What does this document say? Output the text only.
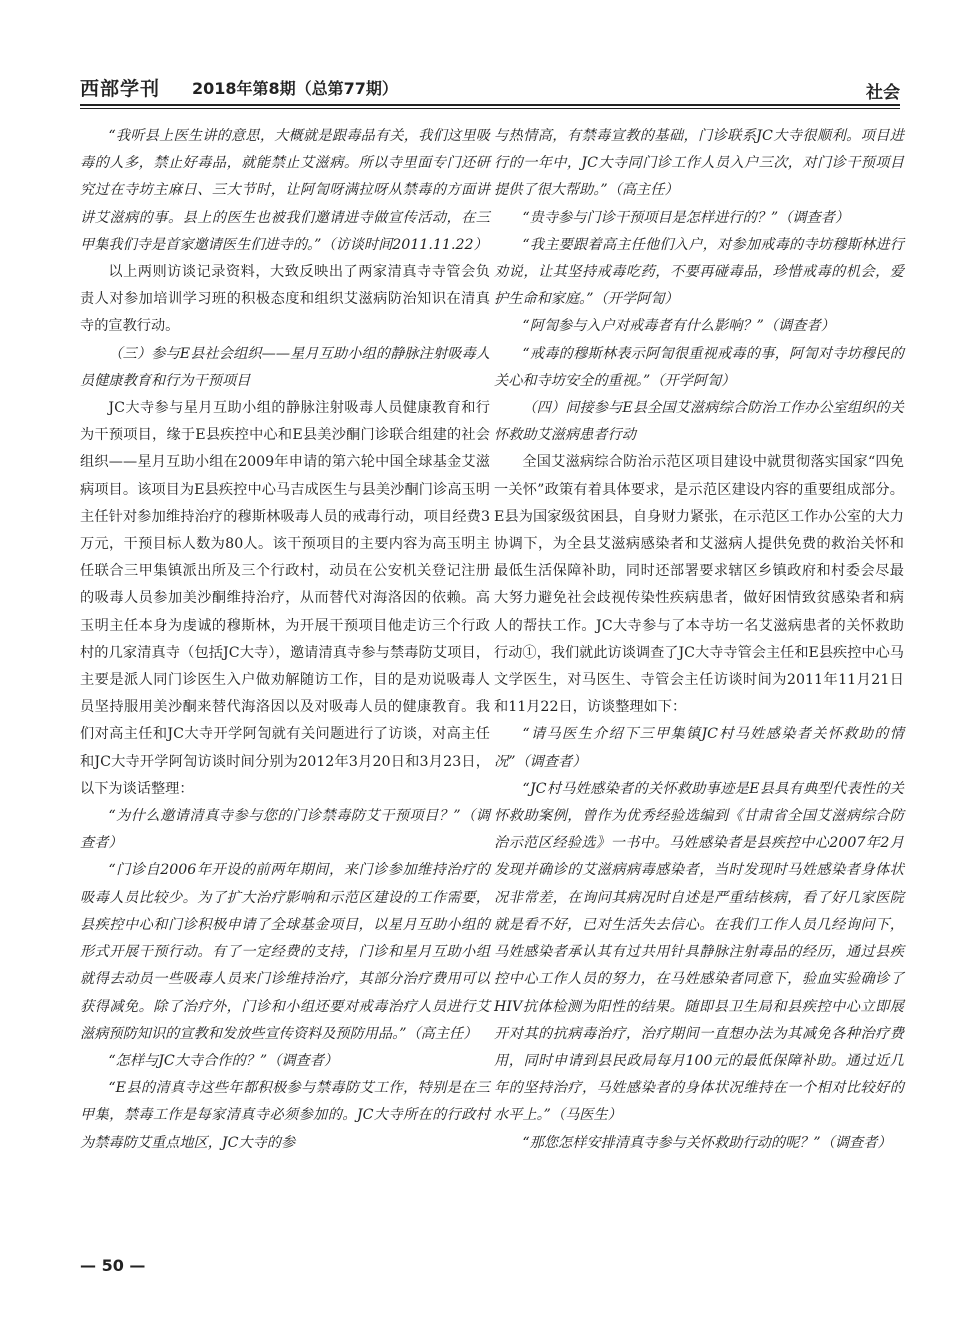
西部学刊 2018年第8期（总第77期）	社会

“我听县上医生讲的意思，大概就是跟毒品有关，我们这里吸毒的人多，禁止好毒品，就能禁止艾滋病。所以寺里面专门还研究过在寺坊主麻日、三大节时，让阿訇呀满拉呀从禁毒的方面讲讲艾滋病的事。县上的医生也被我们邀请进寺做宣传活动，在三甲集我们寺是首家邀请医生们进寺的。”（访谈时间2011.11.22）

以上两则访谈记录资料，大致反映出了两家清真寺寺管会负责人对参加培训学习班的积极态度和组织艾滋病防治知识在清真寺的宣教行动。

（三）参与E县社会组织——星月互助小组的静脉注射吸毒人员健康教育和行为干预项目

JC大寺参与星月互助小组的静脉注射吸毒人员健康教育和行为干预项目，缘于E县疾控中心和E县美沙酮门诊联合组建的社会组织——星月互助小组在2009年申请的第六轮中国全球基金艾滋病项目。该项目为E县疾控中心马吉成医生与县美沙酮门诊高玉明主任针对参加维持治疗的穆斯林吸毒人员的戒毒行动，项目经费3万元，干预目标人数为80人。该干预项目的主要内容为高玉明主任联合三甲集镇派出所及三个行政村，动员在公安机关登记注册的吸毒人员参加美沙酮维持治疗，从而替代对海洛因的依赖。高玉明主任本身为虔诚的穆斯林，为开展干预项目他走访三个行政村的几家清真寺（包括JC大寺），邀请清真寺参与禁毒防艾项目，主要是派人同门诊医生入户做劝解随访工作，目的是劝说吸毒人员坚持服用美沙酮来替代海洛因以及对吸毒人员的健康教育。我们对高主任和JC大寺开学阿訇就有关问题进行了访谈，对高主任和JC大寺开学阿訇访谈时间分别为2012年3月20日和3月23日，以下为谈话整理：

“为什么邀请清真寺参与您的门诊禁毒防艾干预项目？”（调查者）

“门诊自2006年开设的前两年期间，来门诊参加维持治疗的吸毒人员比较少。为了扩大治疗影响和示范区建设的工作需要，县疾控中心和门诊积极申请了全球基金项目，以星月互助小组的形式开展干预行动。有了一定经费的支持，门诊和星月互助小组就得去动员一些吸毒人员来门诊维持治疗，其部分治疗费用可以获得减免。除了治疗外，门诊和小组还要对戒毒治疗人员进行艾滋病预防知识的宣教和发放些宣传资料及预防用品。”（高主任）

“怎样与JC大寺合作的？”（调查者）

“E县的清真寺这些年都积极参与禁毒防艾工作，特别是在三甲集，禁毒工作是每家清真寺必须参加的。JC大寺所在的行政村为禁毒防艾重点地区，JC大寺的参

与热情高，有禁毒宣教的基础，门诊联系JC大寺很顺利。项目进行的一年中，JC大寺同门诊工作人员入户三次，对门诊干预项目提供了很大帮助。”（高主任）

“贵寺参与门诊干预项目是怎样进行的？”（调查者）

“我主要跟着高主任他们入户，对参加戒毒的寺坊穆斯林进行劝说，让其坚持戒毒吃药，不要再碰毒品，珍惜戒毒的机会，爱护生命和家庭。”（开学阿訇）

“阿訇参与入户对戒毒者有什么影响？”（调查者）

“戒毒的穆斯林表示阿訇很重视戒毒的事，阿訇对寺坊穆民的关心和寺坊安全的重视。”（开学阿訇）

（四）间接参与E县全国艾滋病综合防治工作办公室组织的关怀救助艾滋病患者行动

全国艾滋病综合防治示范区项目建设中就贯彻落实国家“四免一关怀”政策有着具体要求，是示范区建设内容的重要组成部分。E县为国家级贫困县，自身财力紧张，在示范区工作办公室的大力协调下，为全县艾滋病感染者和艾滋病人提供免费的救治关怀和最低生活保障补助，同时还部署要求辖区乡镇政府和村委会尽最大努力避免社会歧视传染性疾病患者，做好困情致贫感染者和病人的帮扶工作。JC大寺参与了本寺坊一名艾滋病患者的关怀救助行动①，我们就此访谈调查了JC大寺寺管会主任和E县疾控中心马文学医生，对马医生、寺管会主任访谈时间为2011年11月21日和11月22日，访谈整理如下：

“请马医生介绍下三甲集镇JC村马姓感染者关怀救助的情况”（调查者）

“JC村马姓感染者的关怀救助事迹是E县具有典型代表性的关怀救助案例，曾作为优秀经验选编到《甘肃省全国艾滋病综合防治示范区经验选》一书中。马姓感染者是县疾控中心2007年2月发现并确诊的艾滋病病毒感染者，当时发现时马姓感染者身体状况非常差，在询问其病况时自述是严重结核病，看了好几家医院就是看不好，已对生活失去信心。在我们工作人员几经询问下，马姓感染者承认其有过共用针具静脉注射毒品的经历，通过县疾控中心工作人员的努力，在马姓感染者同意下，验血实验确诊了HIV抗体检测为阳性的结果。随即县卫生局和县疾控中心立即展开对其的抗病毒治疗，治疗期间一直想办法为其减免各种治疗费用，同时申请到县民政局每月100元的最低保障补助。通过近几年的坚持治疗，马姓感染者的身体状况维持在一个相对比较好的水平上。”（马医生）

“那您怎样安排清真寺参与关怀救助行动的呢？”（调查者）

— 50 —
